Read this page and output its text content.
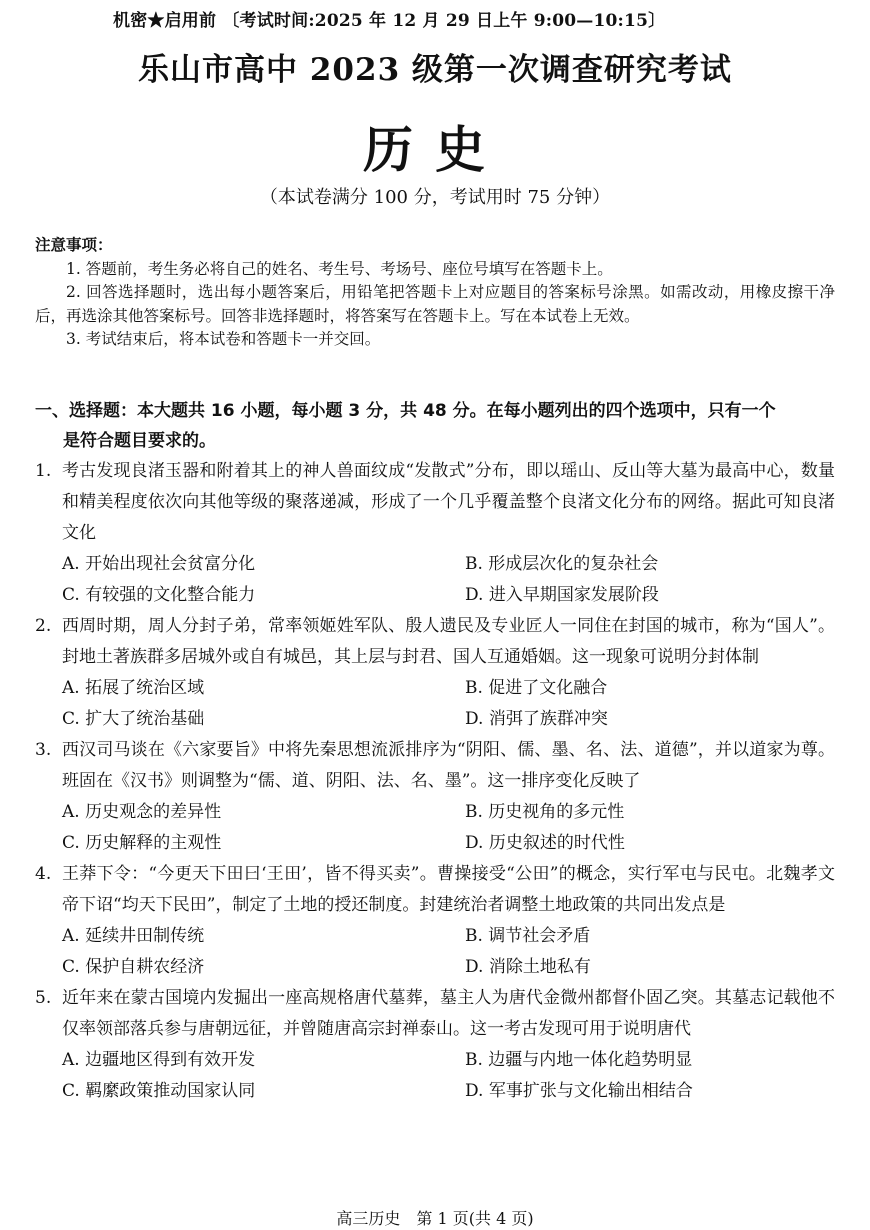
机密★启用前 〔考试时间:2025 年 12 月 29 日上午 9:00—10:15〕
乐山市高中 2023 级第一次调查研究考试
历史
（本试卷满分 100 分，考试用时 75 分钟）
注意事项：

1. 答题前，考生务必将自己的姓名、考生号、考场号、座位号填写在答题卡上。

2. 回答选择题时，选出每小题答案后，用铅笔把答题卡上对应题目的答案标号涂黑。如需改动，用橡皮擦干净后，再选涂其他答案标号。回答非选择题时，将答案写在答题卡上。写在本试卷上无效。

3. 考试结束后，将本试卷和答题卡一并交回。

一、选择题：本大题共 16 小题，每小题 3 分，共 48 分。在每小题列出的四个选项中，只有一个
是符合题目要求的。
1. 考古发现良渚玉器和附着其上的神人兽面纹成“发散式”分布，即以瑶山、反山等大墓为最高中心，数量和精美程度依次向其他等级的聚落递减，形成了一个几乎覆盖整个良渚文化分布的网络。据此可知良渚文化
A. 开始出现社会贫富分化	B. 形成层次化的复杂社会
C. 有较强的文化整合能力	D. 进入早期国家发展阶段
2. 西周时期，周人分封子弟，常率领姬姓军队、殷人遗民及专业匠人一同住在封国的城市，称为“国人”。封地土著族群多居城外或自有城邑，其上层与封君、国人互通婚姻。这一现象可说明分封体制
A. 拓展了统治区域	B. 促进了文化融合
C. 扩大了统治基础	D. 消弭了族群冲突
3. 西汉司马谈在《六家要旨》中将先秦思想流派排序为“阴阳、儒、墨、名、法、道德”，并以道家为尊。班固在《汉书》则调整为“儒、道、阴阳、法、名、墨”。这一排序变化反映了
A. 历史观念的差异性	B. 历史视角的多元性
C. 历史解释的主观性	D. 历史叙述的时代性
4. 王莽下令：“今更天下田曰‘王田’，皆不得买卖”。曹操接受“公田”的概念，实行军屯与民屯。北魏孝文帝下诏“均天下民田”，制定了土地的授还制度。封建统治者调整土地政策的共同出发点是
A. 延续井田制传统	B. 调节社会矛盾
C. 保护自耕农经济	D. 消除土地私有
5. 近年来在蒙古国境内发掘出一座高规格唐代墓葬，墓主人为唐代金微州都督仆固乙突。其墓志记载他不仅率领部落兵参与唐朝远征，并曾随唐高宗封禅泰山。这一考古发现可用于说明唐代
A. 边疆地区得到有效开发	B. 边疆与内地一体化趋势明显
C. 羁縻政策推动国家认同	D. 军事扩张与文化输出相结合
高三历史　第 1 页(共 4 页)
